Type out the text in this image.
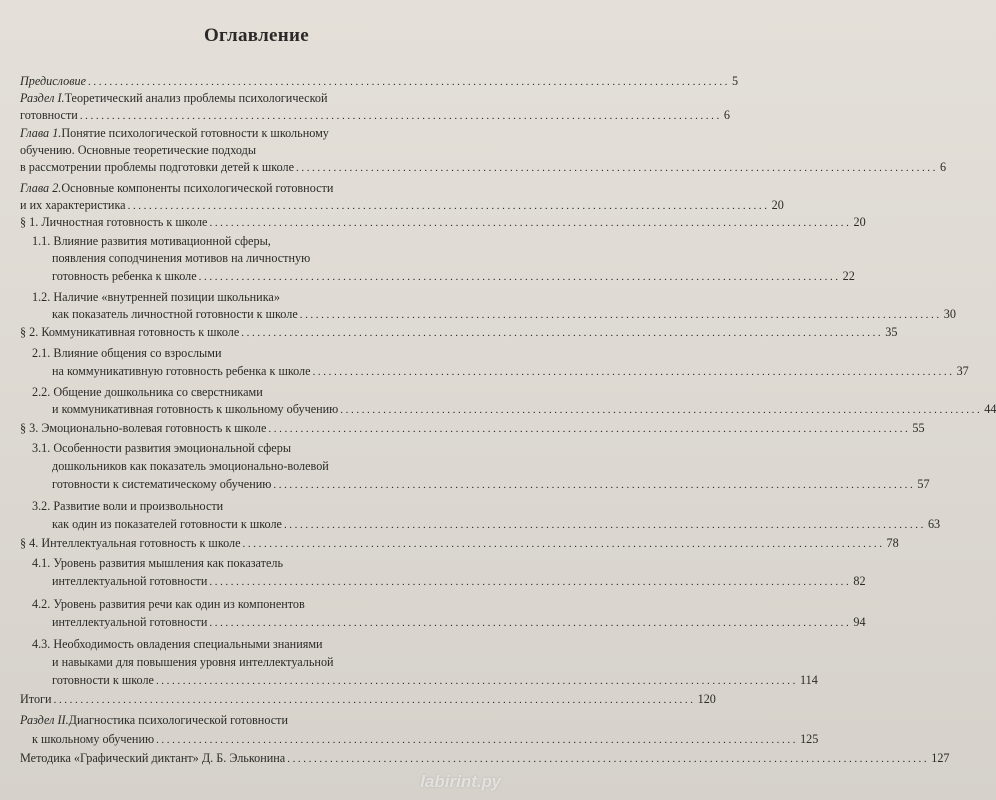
Оглавление
Предисловие ........................................................................................................................ 5
Раздел I. Теоретический анализ проблемы психологической
готовности ........................................................................................................................ 6
Глава 1. Понятие психологической готовности к школьному
обучению. Основные теоретические подходы
в рассмотрении проблемы подготовки детей к школе ........................................................................................................................ 6
Глава 2. Основные компоненты психологической готовности
и их характеристика ........................................................................................................................ 20
§ 1. Личностная готовность к школе ........................................................................................................................ 20
1.1. Влияние развития мотивационной сферы,
появления соподчинения мотивов на личностную
готовность ребенка к школе ........................................................................................................................ 22
1.2. Наличие «внутренней позиции школьника»
как показатель личностной готовности к школе ........................................................................................................................ 30
§ 2. Коммуникативная готовность к школе ........................................................................................................................ 35
2.1. Влияние общения со взрослыми
на коммуникативную готовность ребенка к школе ........................................................................................................................ 37
2.2. Общение дошкольника со сверстниками
и коммуникативная готовность к школьному обучению ........................................................................................................................ 44
§ 3. Эмоционально-волевая готовность к школе ........................................................................................................................ 55
3.1. Особенности развития эмоциональной сферы
дошкольников как показатель эмоционально-волевой
готовности к систематическому обучению ........................................................................................................................ 57
3.2. Развитие воли и произвольности
как один из показателей готовности к школе ........................................................................................................................ 63
§ 4. Интеллектуальная готовность к школе ........................................................................................................................ 78
4.1. Уровень развития мышления как показатель
интеллектуальной готовности ........................................................................................................................ 82
4.2. Уровень развития речи как один из компонентов
интеллектуальной готовности ........................................................................................................................ 94
4.3. Необходимость овладения специальными знаниями
и навыками для повышения уровня интеллектуальной
готовности к школе ........................................................................................................................ 114
Итоги ........................................................................................................................ 120
Раздел II. Диагностика психологической готовности
к школьному обучению ........................................................................................................................ 125
Методика «Графический диктант» Д. Б. Эльконина ........................................................................................................................ 127
labirint.ру
